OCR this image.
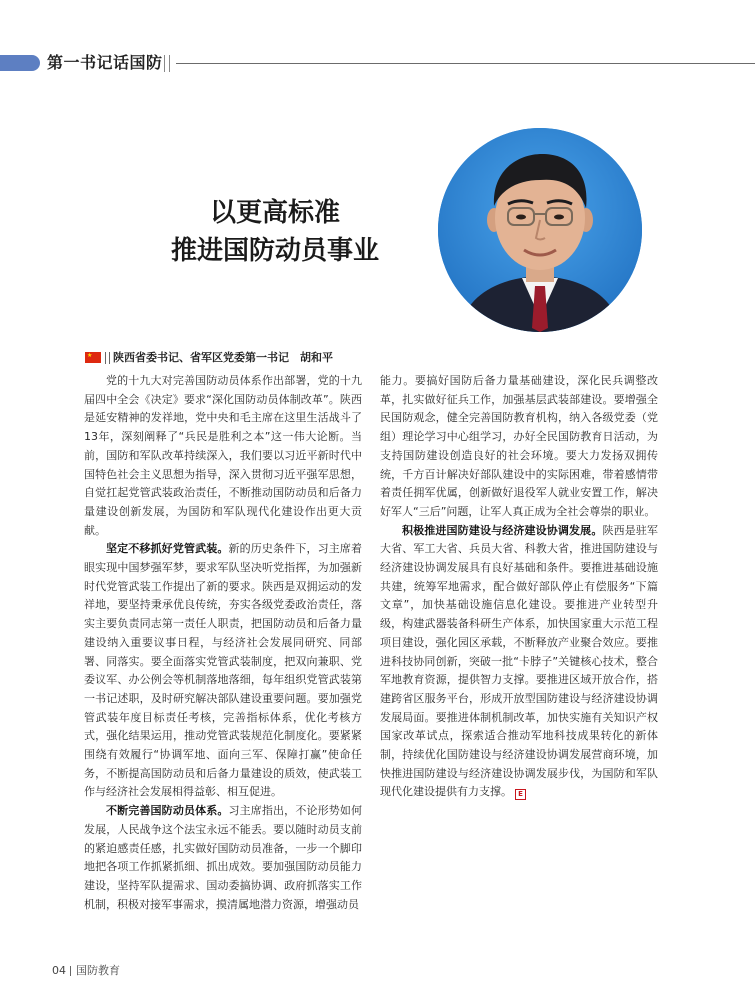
第一书记话国防
以更高标准
推进国防动员事业
★ 陕西省委书记、省军区党委第一书记　胡和平

党的十九大对完善国防动员体系作出部署，党的十九届四中全会《决定》要求“深化国防动员体制改革”。陕西是延安精神的发祥地，党中央和毛主席在这里生活战斗了13年，深刻阐释了“兵民是胜利之本”这一伟大论断。当前，国防和军队改革持续深入，我们要以习近平新时代中国特色社会主义思想为指导，深入贯彻习近平强军思想，自觉扛起党管武装政治责任，不断推动国防动员和后备力量建设创新发展，为国防和军队现代化建设作出更大贡献。

坚定不移抓好党管武装。新的历史条件下，习主席着眼实现中国梦强军梦，要求军队坚决听党指挥，为加强新时代党管武装工作提出了新的要求。陕西是双拥运动的发祥地，要坚持秉承优良传统，夯实各级党委政治责任，落实主要负责同志第一责任人职责，把国防动员和后备力量建设纳入重要议事日程，与经济社会发展同研究、同部署、同落实。要全面落实党管武装制度，把双向兼职、党委议军、办公例会等机制落地落细，每年组织党管武装第一书记述职，及时研究解决部队建设重要问题。要加强党管武装年度目标责任考核，完善指标体系，优化考核方式，强化结果运用，推动党管武装规范化制度化。要紧紧围绕有效履行“协调军地、面向三军、保障打赢”使命任务，不断提高国防动员和后备力量建设的质效，使武装工作与经济社会发展相得益彰、相互促进。

不断完善国防动员体系。习主席指出，不论形势如何发展，人民战争这个法宝永远不能丢。要以随时动员支前的紧迫感责任感，扎实做好国防动员准备，一步一个脚印地把各项工作抓紧抓细、抓出成效。要加强国防动员能力建设，坚持军队提需求、国动委搞协调、政府抓落实工作机制，积极对接军事需求，摸清属地潜力资源，增强动员

能力。要搞好国防后备力量基础建设，深化民兵调整改革，扎实做好征兵工作，加强基层武装部建设。要增强全民国防观念，健全完善国防教育机构，纳入各级党委（党组）理论学习中心组学习，办好全民国防教育日活动，为支持国防建设创造良好的社会环境。要大力发扬双拥传统，千方百计解决好部队建设中的实际困难，带着感情带着责任拥军优属，创新做好退役军人就业安置工作，解决好军人“三后”问题，让军人真正成为全社会尊崇的职业。

积极推进国防建设与经济建设协调发展。陕西是驻军大省、军工大省、兵员大省、科教大省，推进国防建设与经济建设协调发展具有良好基础和条件。要推进基础设施共建，统筹军地需求，配合做好部队停止有偿服务“下篇文章”，加快基础设施信息化建设。要推进产业转型升级，构建武器装备科研生产体系，加快国家重大示范工程项目建设，强化园区承载，不断释放产业聚合效应。要推进科技协同创新，突破一批“卡脖子”关键核心技术，整合军地教育资源，提供智力支撑。要推进区域开放合作，搭建跨省区服务平台，形成开放型国防建设与经济建设协调发展局面。要推进体制机制改革，加快实施有关知识产权国家改革试点，探索适合推动军地科技成果转化的新体制，持续优化国防建设与经济建设协调发展营商环境，加快推进国防建设与经济建设协调发展步伐，为国防和军队现代化建设提供有力支撑。 E

04 国防教育
